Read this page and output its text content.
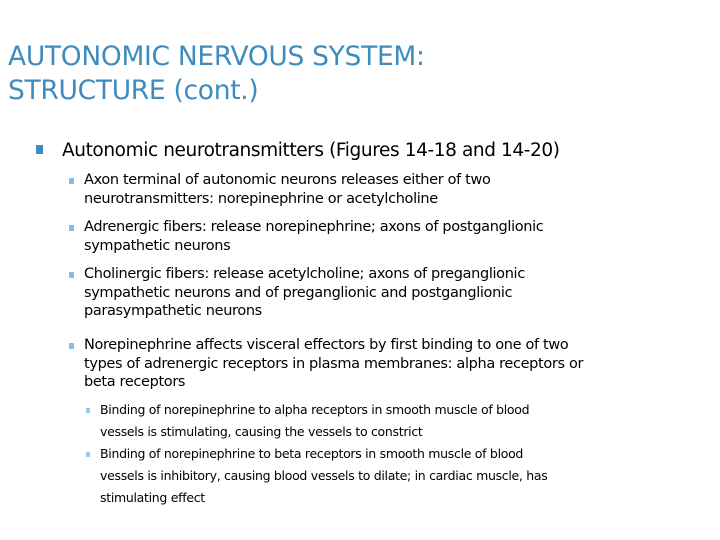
AUTONOMIC NERVOUS SYSTEM:
STRUCTURE (cont.)
Autonomic neurotransmitters (Figures 14-18 and 14-20)
Axon terminal of autonomic neurons releases either of two
neurotransmitters: norepinephrine or acetylcholine
Adrenergic fibers: release norepinephrine; axons of postganglionic
sympathetic neurons
Cholinergic fibers: release acetylcholine; axons of preganglionic
sympathetic neurons and of preganglionic and postganglionic
parasympathetic neurons
Norepinephrine affects visceral effectors by first binding to one of two
types of adrenergic receptors in plasma membranes: alpha receptors or
beta receptors
Binding of norepinephrine to alpha receptors in smooth muscle of blood
vessels is stimulating, causing the vessels to constrict
Binding of norepinephrine to beta receptors in smooth muscle of blood
vessels is inhibitory, causing blood vessels to dilate; in cardiac muscle, has
stimulating effect
